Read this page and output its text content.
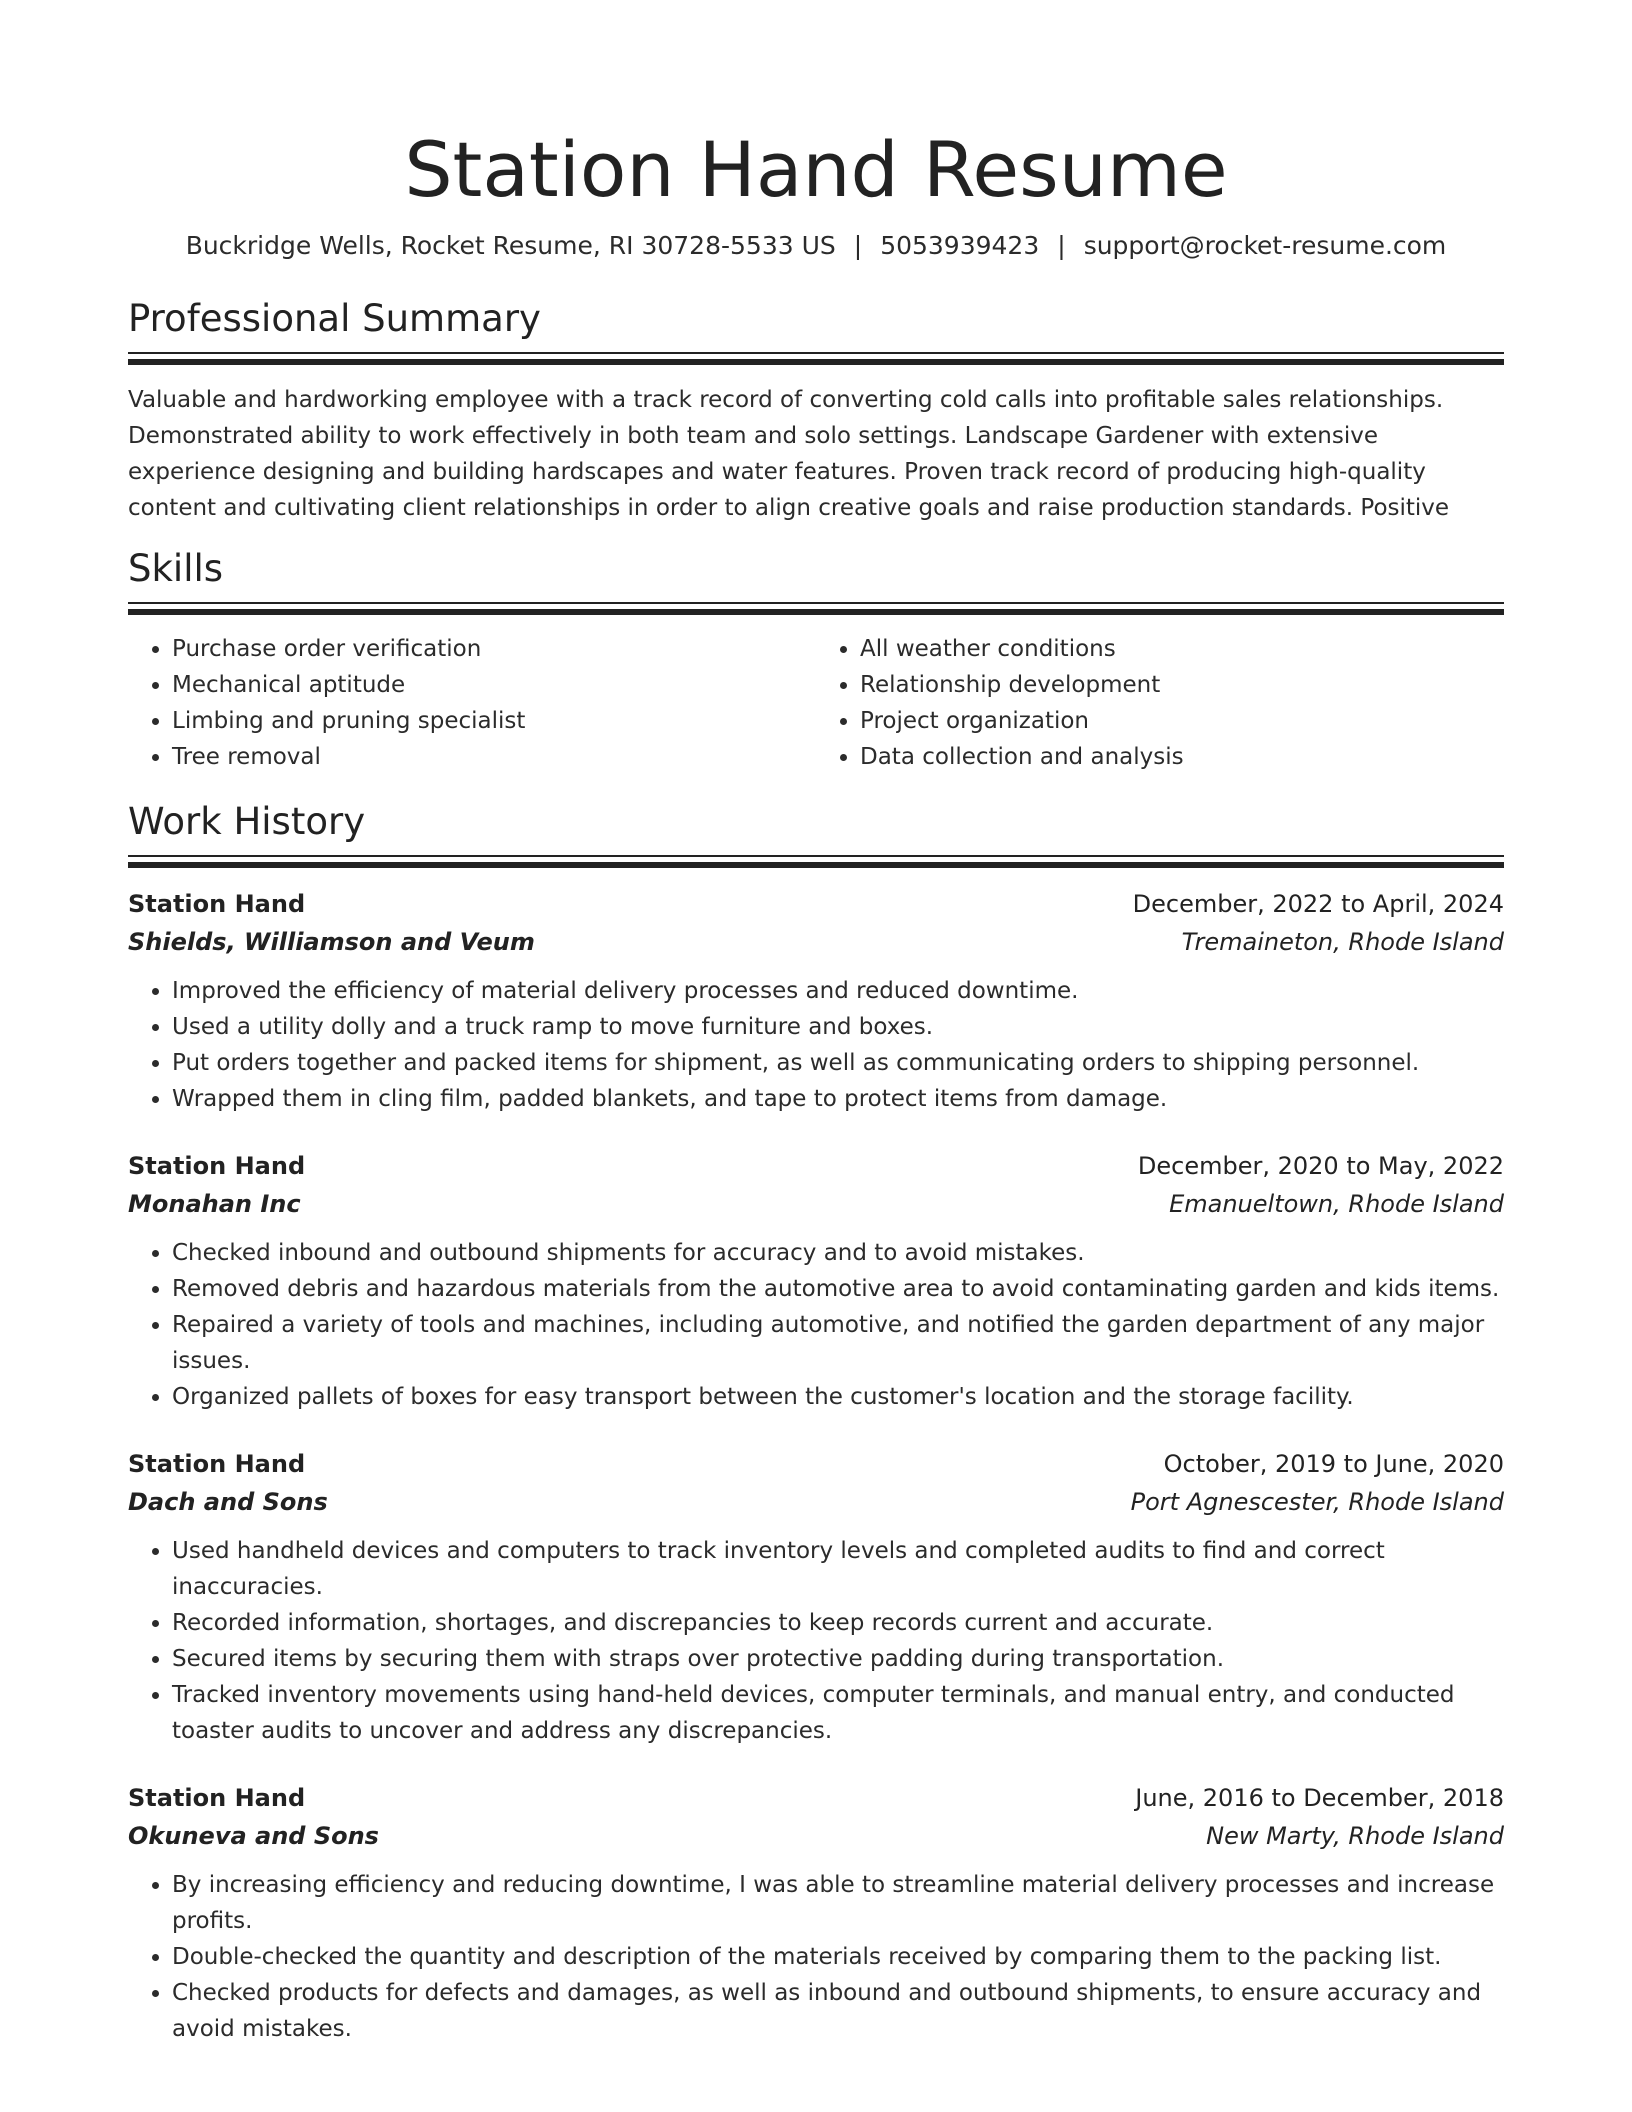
Station Hand Resume
Buckridge Wells, Rocket Resume, RI 30728-5533 US | 5053939423 | support@rocket-resume.com
Professional Summary

Valuable and hardworking employee with a track record of converting cold calls into profitable sales relationships. Demonstrated ability to work effectively in both team and solo settings. Landscape Gardener with extensive experience designing and building hardscapes and water features. Proven track record of producing high-quality content and cultivating client relationships in order to align creative goals and raise production standards. Positive

Skills
• Purchase order verification
• Mechanical aptitude
• Limbing and pruning specialist
• Tree removal
• All weather conditions
• Relationship development
• Project organization
• Data collection and analysis
Work History
Station Hand	December, 2022 to April, 2024
Shields, Williamson and Veum	Tremaineton, Rhode Island
• Improved the efficiency of material delivery processes and reduced downtime.
• Used a utility dolly and a truck ramp to move furniture and boxes.
• Put orders together and packed items for shipment, as well as communicating orders to shipping personnel.
• Wrapped them in cling film, padded blankets, and tape to protect items from damage.
Station Hand	December, 2020 to May, 2022
Monahan Inc	Emanueltown, Rhode Island
• Checked inbound and outbound shipments for accuracy and to avoid mistakes.
• Removed debris and hazardous materials from the automotive area to avoid contaminating garden and kids items.
• Repaired a variety of tools and machines, including automotive, and notified the garden department of any major issues.
• Organized pallets of boxes for easy transport between the customer's location and the storage facility.
Station Hand	October, 2019 to June, 2020
Dach and Sons	Port Agnescester, Rhode Island
• Used handheld devices and computers to track inventory levels and completed audits to find and correct inaccuracies.
• Recorded information, shortages, and discrepancies to keep records current and accurate.
• Secured items by securing them with straps over protective padding during transportation.
• Tracked inventory movements using hand-held devices, computer terminals, and manual entry, and conducted toaster audits to uncover and address any discrepancies.
Station Hand	June, 2016 to December, 2018
Okuneva and Sons	New Marty, Rhode Island
• By increasing efficiency and reducing downtime, I was able to streamline material delivery processes and increase profits.
• Double-checked the quantity and description of the materials received by comparing them to the packing list.
• Checked products for defects and damages, as well as inbound and outbound shipments, to ensure accuracy and avoid mistakes.
